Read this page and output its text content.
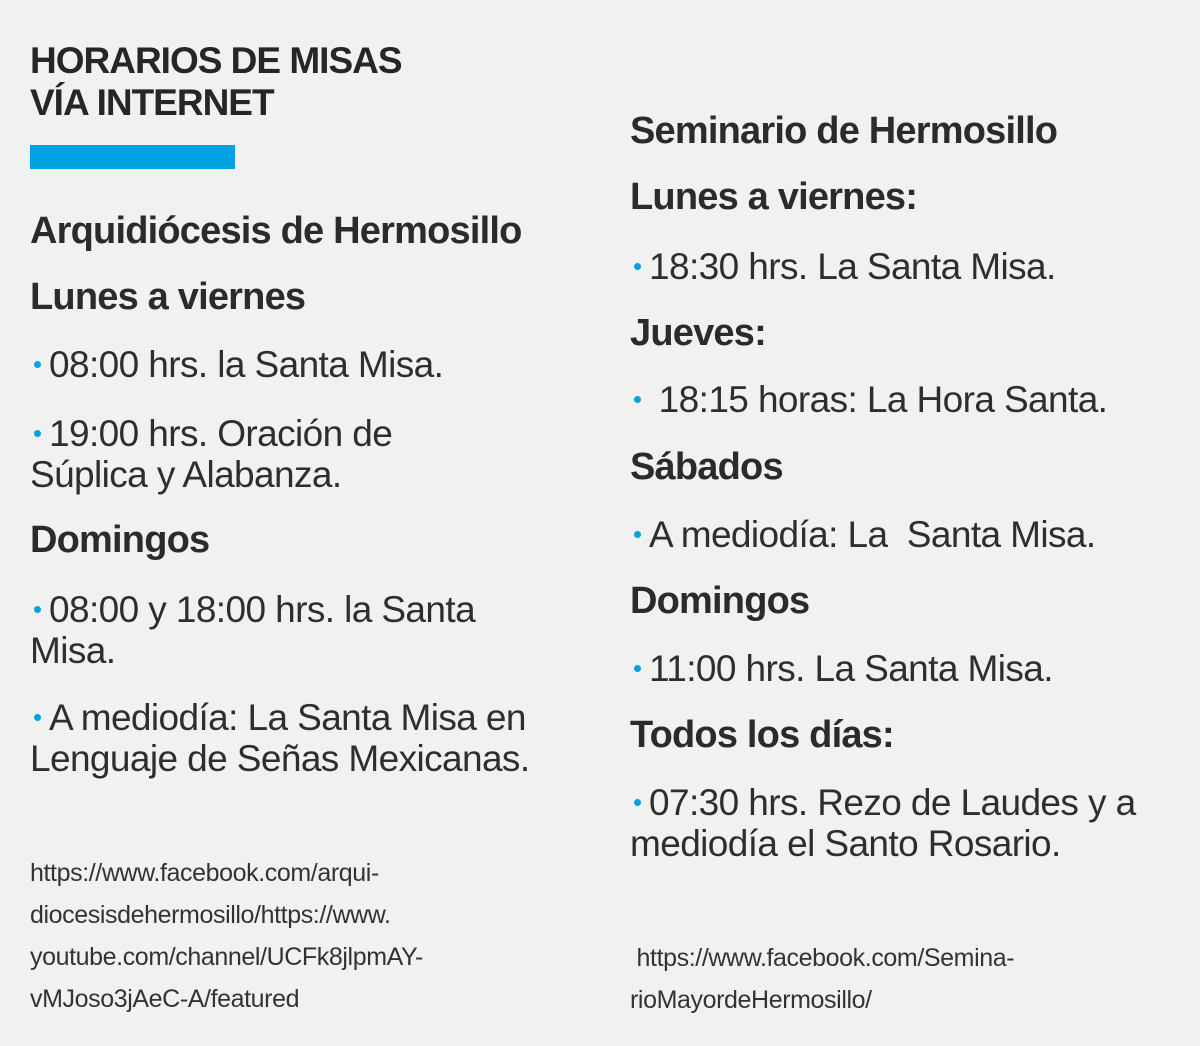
HORARIOS DE MISAS
VÍA INTERNET
Arquidiócesis de Hermosillo
Lunes a viernes

08:00 hrs. la Santa Misa.

19:00 hrs. Oración de Súplica y Alabanza.

Domingos

08:00 y 18:00 hrs. la Santa Misa.

A mediodía: La Santa Misa en Lenguaje de Señas Mexicanas.

https://www.facebook.com/arqui-
diocesisdehermosillo/https://www.
youtube.com/channel/UCFk8jlpmAY-
vMJoso3jAeC-A/featured
Seminario de Hermosillo
Lunes a viernes:

18:30 hrs. La Santa Misa.

Jueves:

18:15 horas: La Hora Santa.

Sábados

A mediodía: La  Santa Misa.

Domingos

11:00 hrs. La Santa Misa.

Todos los días:

07:30 hrs. Rezo de Laudes y a mediodía el Santo Rosario.

https://www.facebook.com/Semina-
rioMayordeHermosillo/
